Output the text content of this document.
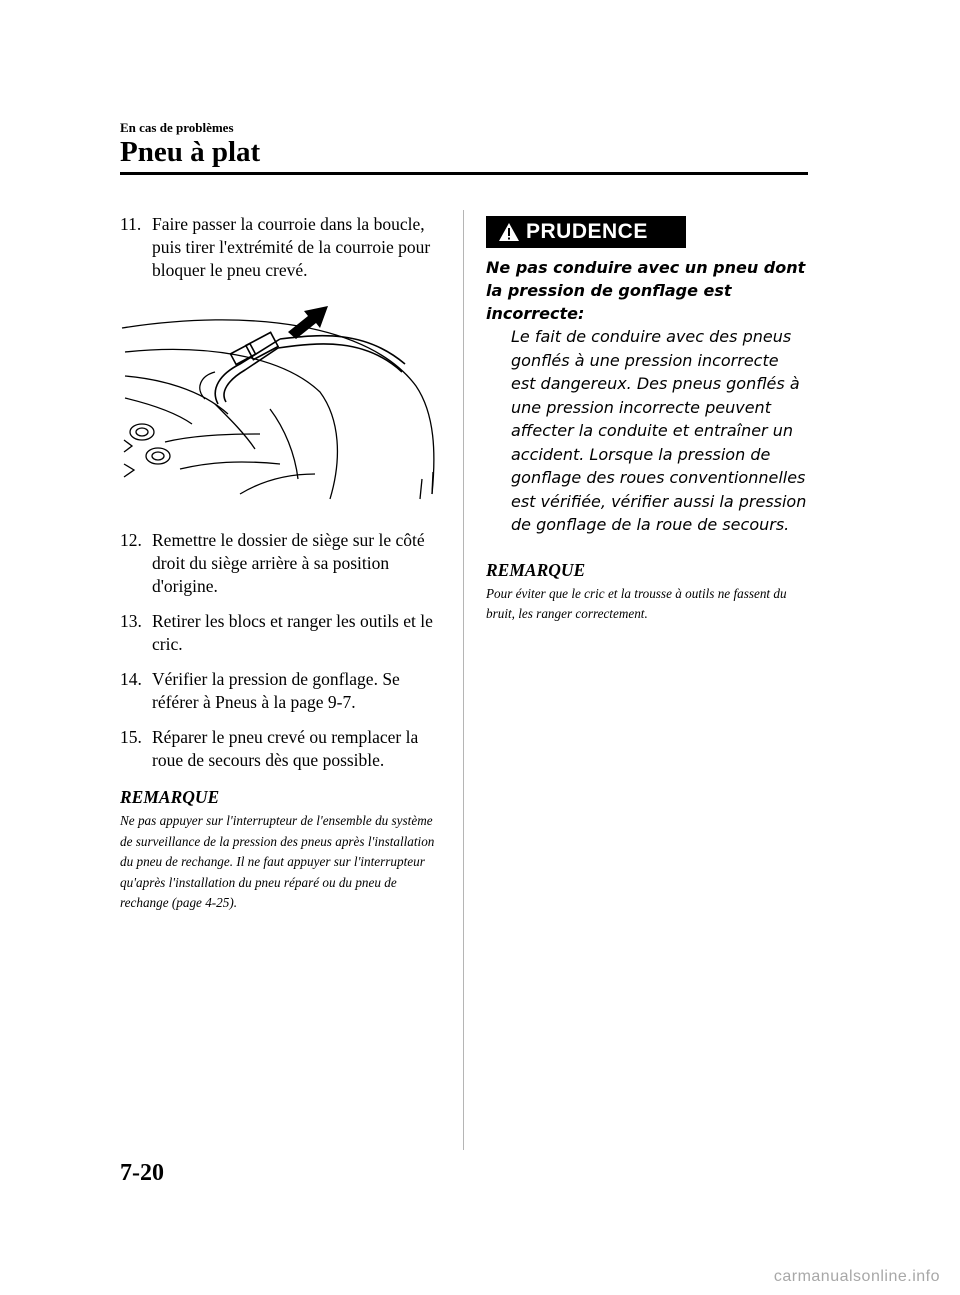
En cas de problèmes
Pneu à plat
11. Faire passer la courroie dans la boucle, puis tirer l'extrémité de la courroie pour bloquer le pneu crevé.
12. Remettre le dossier de siège sur le côté droit du siège arrière à sa position d'origine.
13. Retirer les blocs et ranger les outils et le cric.
14. Vérifier la pression de gonflage. Se référer à Pneus à la page 9-7.
15. Réparer le pneu crevé ou remplacer la roue de secours dès que possible.
REMARQUE
Ne pas appuyer sur l'interrupteur de l'ensemble du système de surveillance de la pression des pneus après l'installation du pneu de rechange. Il ne faut appuyer sur l'interrupteur qu'après l'installation du pneu réparé ou du pneu de rechange (page 4-25).
PRUDENCE
Ne pas conduire avec un pneu dont la pression de gonflage est incorrecte:
Le fait de conduire avec des pneus gonflés à une pression incorrecte est dangereux. Des pneus gonflés à une pression incorrecte peuvent affecter la conduite et entraîner un accident. Lorsque la pression de gonflage des roues conventionnelles est vérifiée, vérifier aussi la pression de gonflage de la roue de secours.
REMARQUE
Pour éviter que le cric et la trousse à outils ne fassent du bruit, les ranger correctement.
7-20
carmanualsonline.info
